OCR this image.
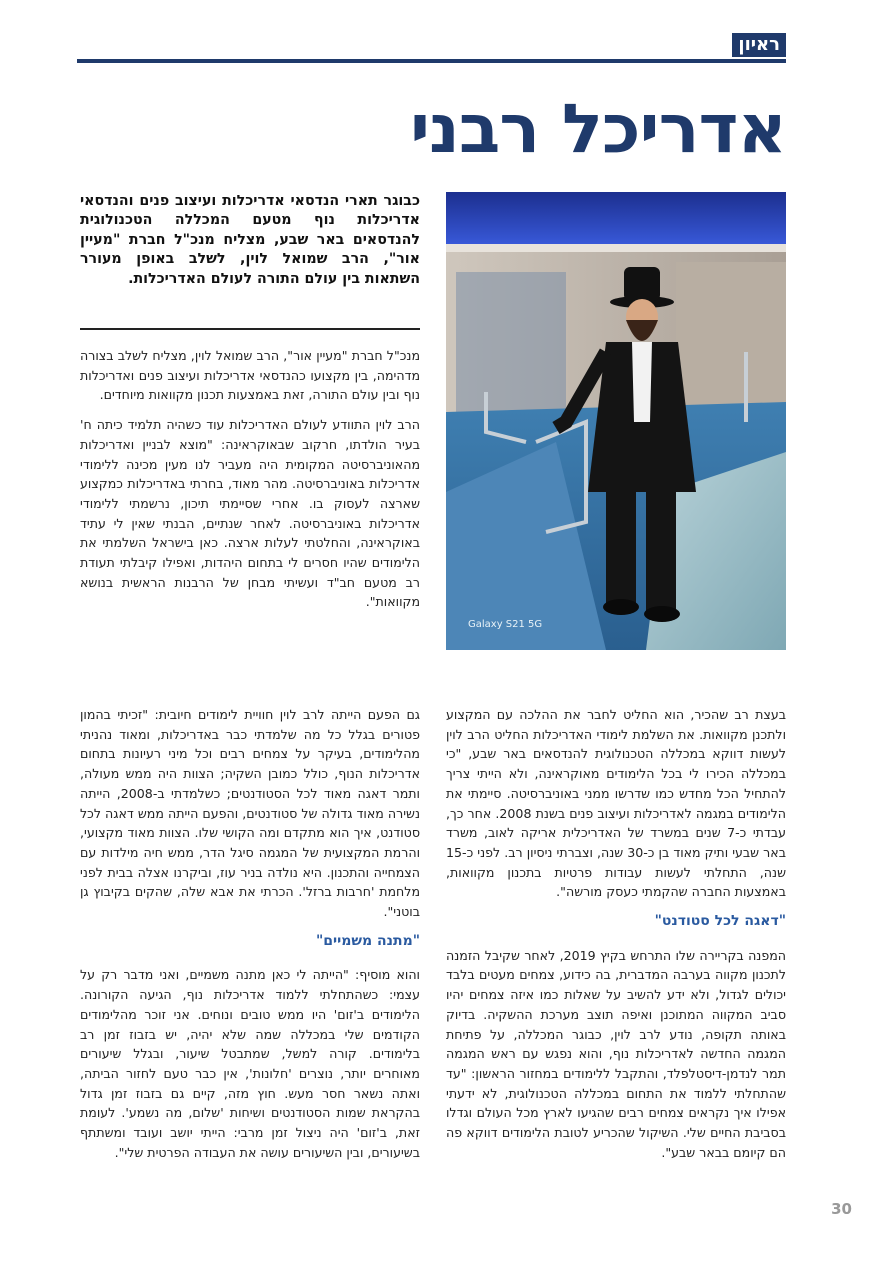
ראיון
אדריכל רבני

כבוגר תארי הנדסאי אדריכלות ועיצוב פנים והנדסאי אדריכלות נוף מטעם המכללה הטכנולוגית להנדסאים באר שבע, מצליח מנכ"ל חברת "מעיין אור", הרב שמואל לוין, לשלב באופן מעורר השתאות בין עולם התורה לעולם האדריכלות.

מנכ"ל חברת "מעיין אור", הרב שמואל לוין, מצליח לשלב בצורה מדהימה, בין מקצועו כהנדסאי אדריכלות ועיצוב פנים ואדריכלות נוף ובין עולם התורה, זאת באמצעות תכנון מקוואות מיוחדים.

הרב לוין התוודע לעולם האדריכלות עוד כשהיה תלמיד כיתה ח' בעיר הולדתו, חרקוב שבאוקראינה: "מוצא לבניין ואדריכלות מהאוניברסיטה המקומית היה מעביר לנו מעין מכינה ללימודי אדריכלות באוניברסיטה. מהר מאוד, בחרתי באדריכלות כמקצוע שארצה לעסוק בו. אחרי שסיימתי תיכון, נרשמתי ללימודי אדריכלות באוניברסיטה. לאחר שנתיים, הבנתי שאין לי עתיד באוקראינה, והחלטתי לעלות ארצה. כאן בישראל השלמתי את הלימודים שהיו חסרים לי בתחום היהדות, ואפילו קיבלתי תעודת רב מטעם חב"ד ועשיתי מבחן של הרבנות הראשית בנושא מקוואות".

Galaxy S21 5G

בעצת רב שהכיר, הוא החליט לחבר את ההלכה עם המקצוע ולתכנן מקוואות. את השלמת לימודי האדריכלות החליט הרב לוין לעשות דווקא במכללה הטכנולוגית להנדסאים באר שבע, "כי במכללה הכירו לי בכל הלימודים מאוקראינה, ולא הייתי צריך להתחיל הכל מחדש כמו שדרשו ממני באוניברסיטה. סיימתי את הלימודים במגמה לאדריכלות ועיצוב פנים בשנת 2008. אחר כך, עבדתי כ-7 שנים במשרד של האדריכלית אריקה לאוב, משרד באר שבעי ותיק מאוד בן כ-30 שנה, וצברתי ניסיון רב. לפני כ-15 שנה, התחלתי לעשות עבודות פרטיות בתכנון מקוואות, באמצעות החברה שהקמתי כעסק מורשה".

"דאגה לכל סטודנט"

המפנה בקריירה שלו התרחש בקיץ 2019, לאחר שקיבל הזמנה לתכנון מקווה בערבה המדברית, בה כידוע, צמחים מעטים בלבד יכולים לגדול, ולא ידע להשיב על שאלות כמו איזה צמחים יהיו סביב המקווה המתוכנן ואיפה תוצב מערכת ההשקיה. בדיוק באותה תקופה, נודע לרב לוין, כבוגר המכללה, על פתיחת המגמה החדשה לאדריכלות נוף, והוא נפגש עם ראש המגמה תמר לנדמן-דיסטלפלד, והתקבל ללימודים במחזור הראשון: "עד שהתחלתי ללמוד את התחום במכללה הטכנולוגית, לא ידעתי אפילו איך נקראים צמחים רבים שהגיעו לארץ מכל העולם וגדלו בסביבת החיים שלי. השיקול שהכריע לטובת הלימודים דווקא פה הם קיומם בבאר שבע".

גם הפעם הייתה לרב לוין חוויית לימודים חיובית: "זכיתי בהמון פטורים בגלל כל מה שלמדתי כבר באדריכלות, ומאוד נהניתי מהלימודים, בעיקר על צמחים רבים וכל מיני רעיונות בתחום אדריכלות הנוף, כולל כמובן השקיה; הצוות היה ממש מעולה, ותמר דאגה מאוד לכל הסטודנטים; כשלמדתי ב-2008, הייתה נשירה מאוד גדולה של סטודנטים, והפעם הייתה ממש דאגה לכל סטודנט, איך הוא מתקדם ומה הקושי שלו. הצוות מאוד מקצועי, והרמת המקצועית של המגמה סיגל הדר, ממש חיה מילדות עם הצמחייה והתכנון. היא נולדה בניר עוז, וביקרנו אצלה בבית לפני מלחמת 'חרבות ברזל'. הכרתי את אבא שלה, שהקים בקיבוץ גן בוטני".

"מתנה משמיים"

והוא מוסיף: "הייתה לי כאן מתנה משמיים, ואני מדבר רק על עצמי: כשהתחלתי ללמוד אדריכלות נוף, הגיעה הקורונה. הלימודים ב'זום' היו ממש טובים ונוחים. אני זוכר מהלימודים הקודמים שלי במכללה שמה שלא יהיה, יש בזבוז זמן רב בלימודים. קורה למשל, שמתבטל שיעור, ובגלל שיעורים מאוחרים יותר, נוצרים 'חלונות', אין כבר טעם לחזור הביתה, ואתה נשאר חסר מעש. חוץ מזה, קיים גם בזבוז זמן גדול בהקראת שמות הסטודנטים ושיחות 'שלום, מה נשמע'. לעומת זאת, ב'זום' היה ניצול זמן מרבי: הייתי יושב ועובד ומשתתף בשיעורים, ובין השיעורים עושה את העבודה הפרטית שלי".

30
